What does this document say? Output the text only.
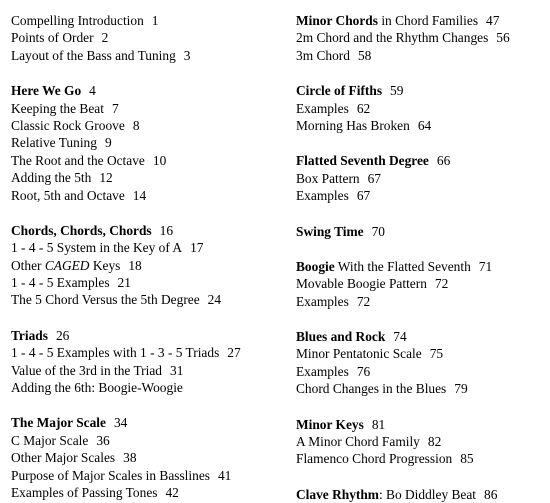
Compelling Introduction 1
Points of Order 2
Layout of the Bass and Tuning 3
Here We Go 4
Keeping the Beat 7
Classic Rock Groove 8
Relative Tuning 9
The Root and the Octave 10
Adding the 5th 12
Root, 5th and Octave 14
Chords, Chords, Chords 16
1 - 4 - 5 System in the Key of A 17
Other CAGED Keys 18
1 - 4 - 5 Examples 21
The 5 Chord Versus the 5th Degree 24
Triads 26
1 - 4 - 5 Examples with 1 - 3 - 5 Triads 27
Value of the 3rd in the Triad 31
Adding the 6th: Boogie-Woogie
The Major Scale 34
C Major Scale 36
Other Major Scales 38
Purpose of Major Scales in Basslines 41
Examples of Passing Tones 42
Minor Chords in Chord Families 47
2m Chord and the Rhythm Changes 56
3m Chord 58
Circle of Fifths 59
Examples 62
Morning Has Broken 64
Flatted Seventh Degree 66
Box Pattern 67
Examples 67
Swing Time 70
Boogie With the Flatted Seventh 71
Movable Boogie Pattern 72
Examples 72
Blues and Rock 74
Minor Pentatonic Scale 75
Examples 76
Chord Changes in the Blues 79
Minor Keys 81
A Minor Chord Family 82
Flamenco Chord Progression 85
Clave Rhythm: Bo Diddley Beat 86
